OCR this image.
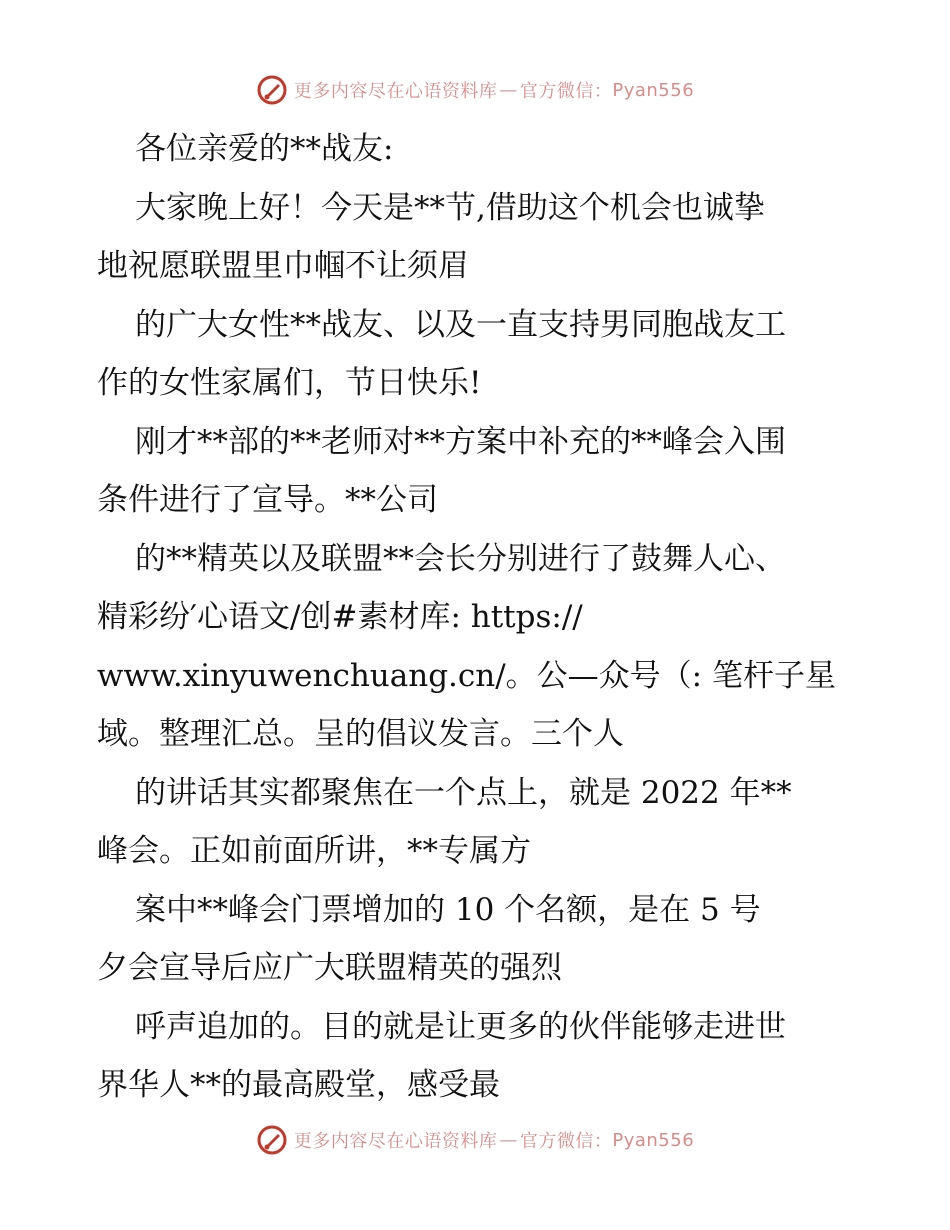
更多内容尽在心语资料库 — 官方微信： Pyan556
各位亲爱的**战友:
大家晚上好！今天是**节,借助这个机会也诚挚
地祝愿联盟里巾帼不让须眉
的广大女性**战友、以及一直支持男同胞战友工
作的女性家属们，节日快乐!
刚才**部的**老师对**方案中补充的**峰会入围
条件进行了宣导。**公司
的**精英以及联盟**会长分别进行了鼓舞人心、
精彩纷′心语文/创#素材库: https://
www.xinyuwenchuang.cn/。公—众号（: 笔杆子星
域。整理汇总。呈的倡议发言。三个人
的讲话其实都聚焦在一个点上，就是 2022 年**
峰会。正如前面所讲，**专属方
案中**峰会门票增加的 10 个名额，是在 5 号
夕会宣导后应广大联盟精英的强烈
呼声追加的。目的就是让更多的伙伴能够走进世
界华人**的最高殿堂，感受最
更多内容尽在心语资料库 — 官方微信： Pyan556
